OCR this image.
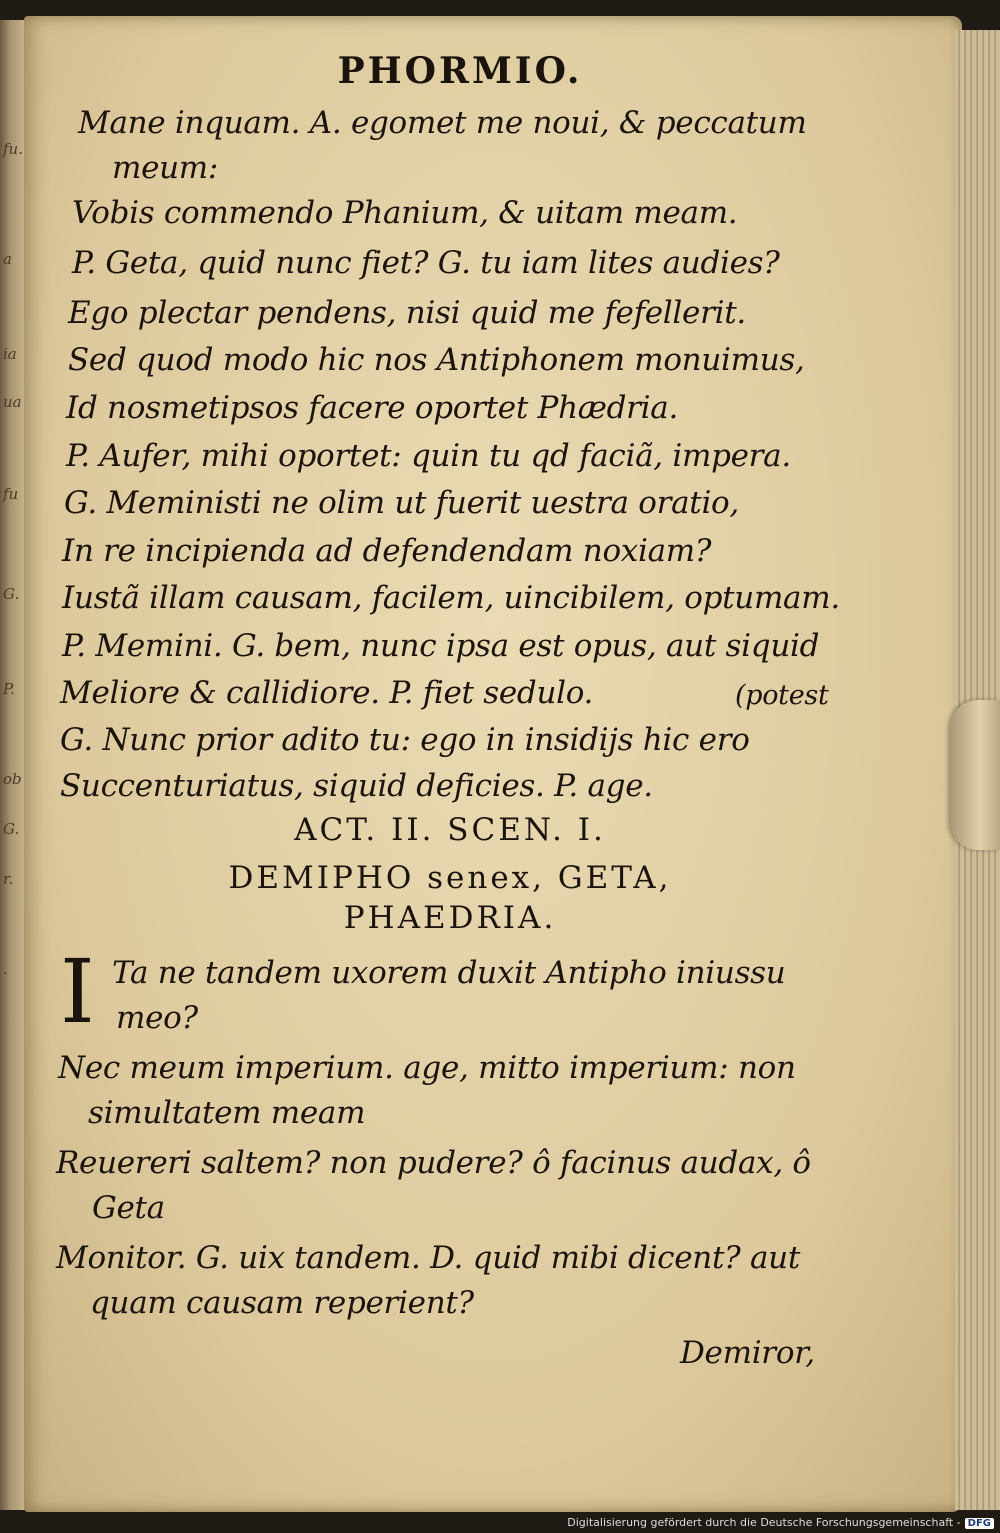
fu.
a
ia
ua
fu
G.
P.
ob
G.
r.
.
PHORMIO.
Mane inquam. A. egomet me noui, & peccatum
meum:
Vobis commendo Phanium, & uitam meam.
P. Geta, quid nunc fiet? G. tu iam lites audies?
Ego plectar pendens, nisi quid me fefellerit.
Sed quod modo hic nos Antiphonem monuimus,
Id nosmetipsos facere oportet Phædria.
P. Aufer, mihi oportet: quin tu qd faciã, impera.
G. Meministi ne olim ut fuerit uestra oratio,
In re incipienda ad defendendam noxiam?
Iustã illam causam, facilem, uincibilem, optumam.
P. Memini. G. bem, nunc ipsa est opus, aut siquid
Meliore & callidiore. P. fiet sedulo.	(potest
G. Nunc prior adito tu: ego in insidijs hic ero
Succenturiatus, siquid deficies. P. age.
ACT. II. SCEN. I.
DEMIPHO senex, GETA,
PHAEDRIA.
I Ta ne tandem uxorem duxit Antipho iniussu
meo?
Nec meum imperium. age, mitto imperium: non
simultatem meam
Reuereri saltem? non pudere? ô facinus audax, ô
Geta
Monitor. G. uix tandem. D. quid mibi dicent? aut
quam causam reperient?
Demiror,
Digitalisierung gefördert durch die Deutsche Forschungsgemeinschaft - DFG
